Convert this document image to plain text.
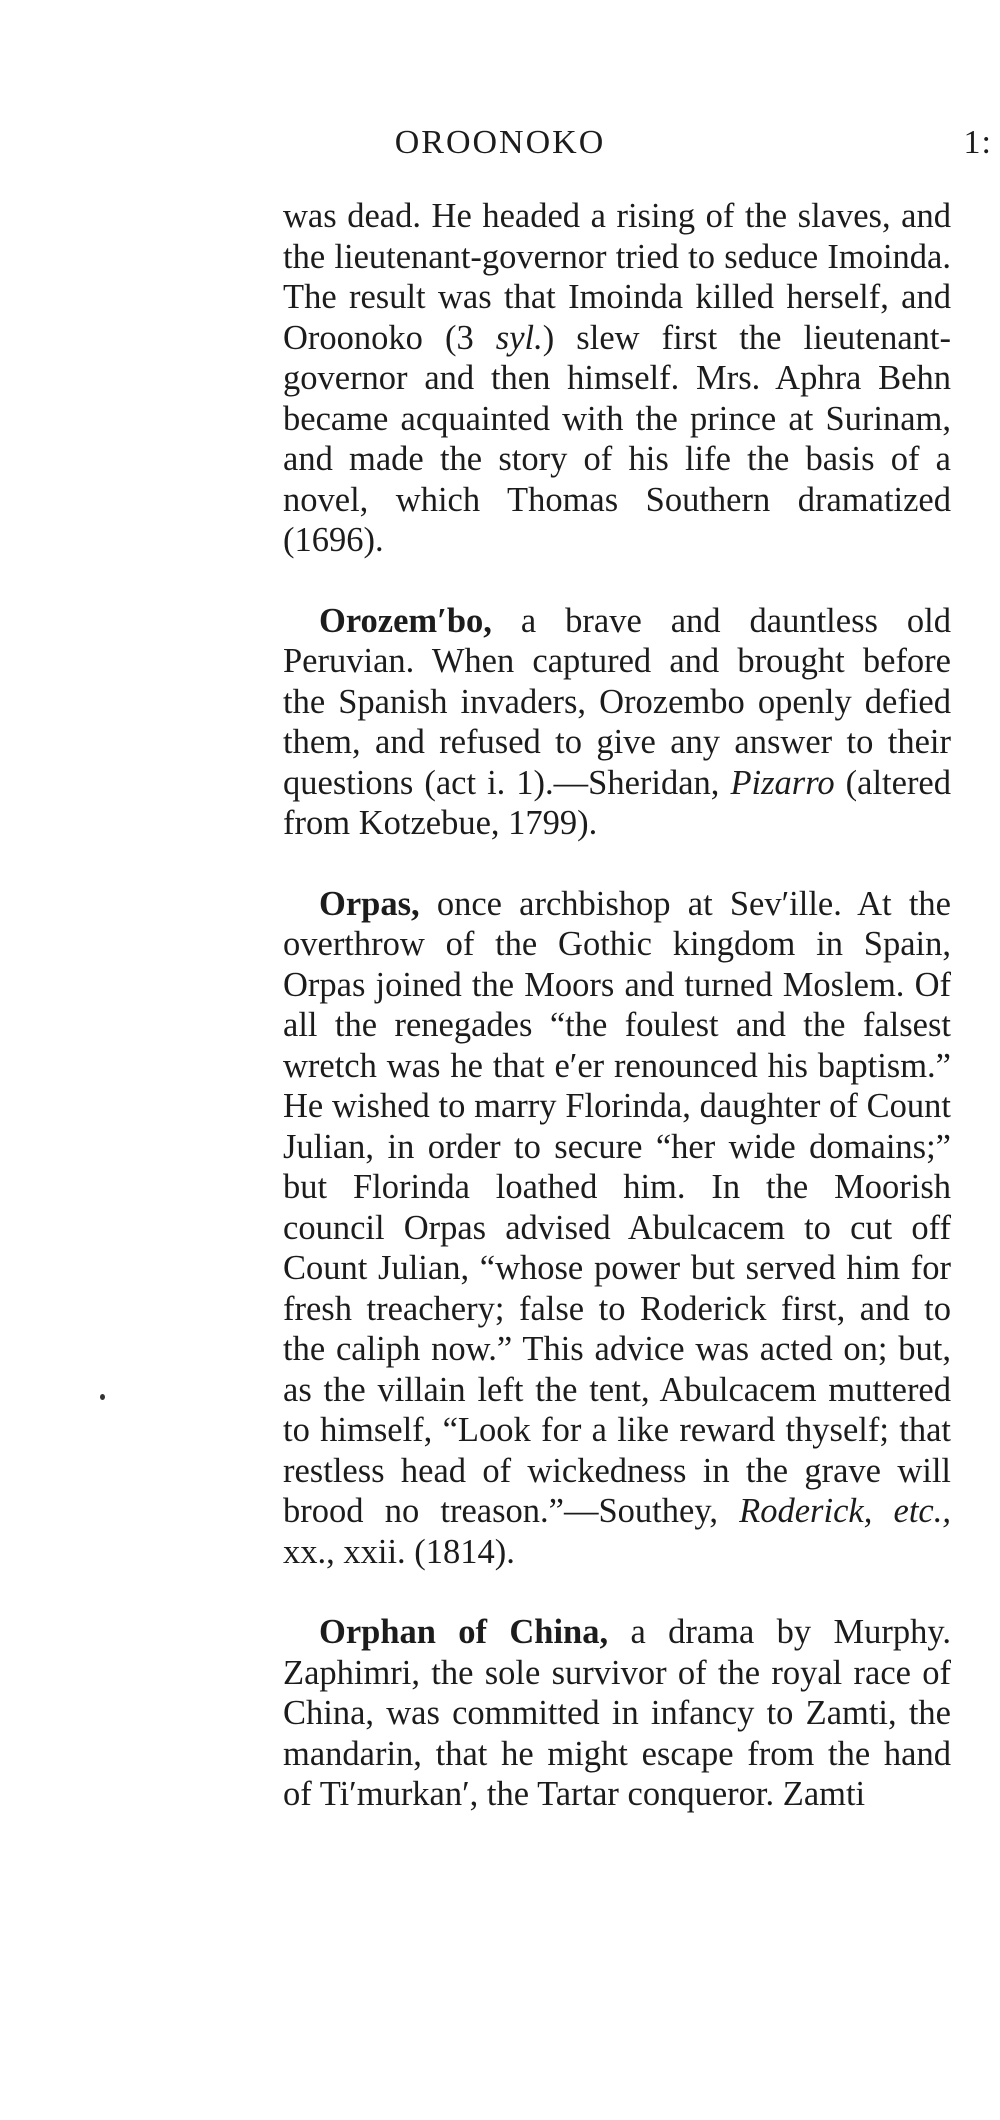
OROONOKO	1:

was dead. He headed a rising of the slaves, and the lieutenant-governor tried to seduce Imoinda. The result was that Imoinda killed herself, and Oroonoko (3 syl.) slew first the lieutenant-governor and then himself. Mrs. Aphra Behn became acquainted with the prince at Surinam, and made the story of his life the basis of a novel, which Thomas Southern dramatized (1696).

Orozem′bo, a brave and dauntless old Peruvian. When captured and brought before the Spanish invaders, Orozembo openly defied them, and refused to give any answer to their questions (act i. 1).—Sheridan, Pizarro (altered from Kotzebue, 1799).

Orpas, once archbishop at Sev′ille. At the overthrow of the Gothic kingdom in Spain, Orpas joined the Moors and turned Moslem. Of all the renegades “the foulest and the falsest wretch was he that e′er renounced his baptism.” He wished to marry Florinda, daughter of Count Julian, in order to secure “her wide domains;” but Florinda loathed him. In the Moorish council Orpas advised Abulcacem to cut off Count Julian, “whose power but served him for fresh treachery; false to Roderick first, and to the caliph now.” This advice was acted on; but, as the villain left the tent, Abulcacem muttered to himself, “Look for a like reward thyself; that restless head of wickedness in the grave will brood no treason.”—Southey, Roderick, etc., xx., xxii. (1814).

Orphan of China, a drama by Murphy. Zaphimri, the sole survivor of the royal race of China, was committed in infancy to Zamti, the mandarin, that he might escape from the hand of Ti′murkan′, the Tartar conqueror. Zamti
